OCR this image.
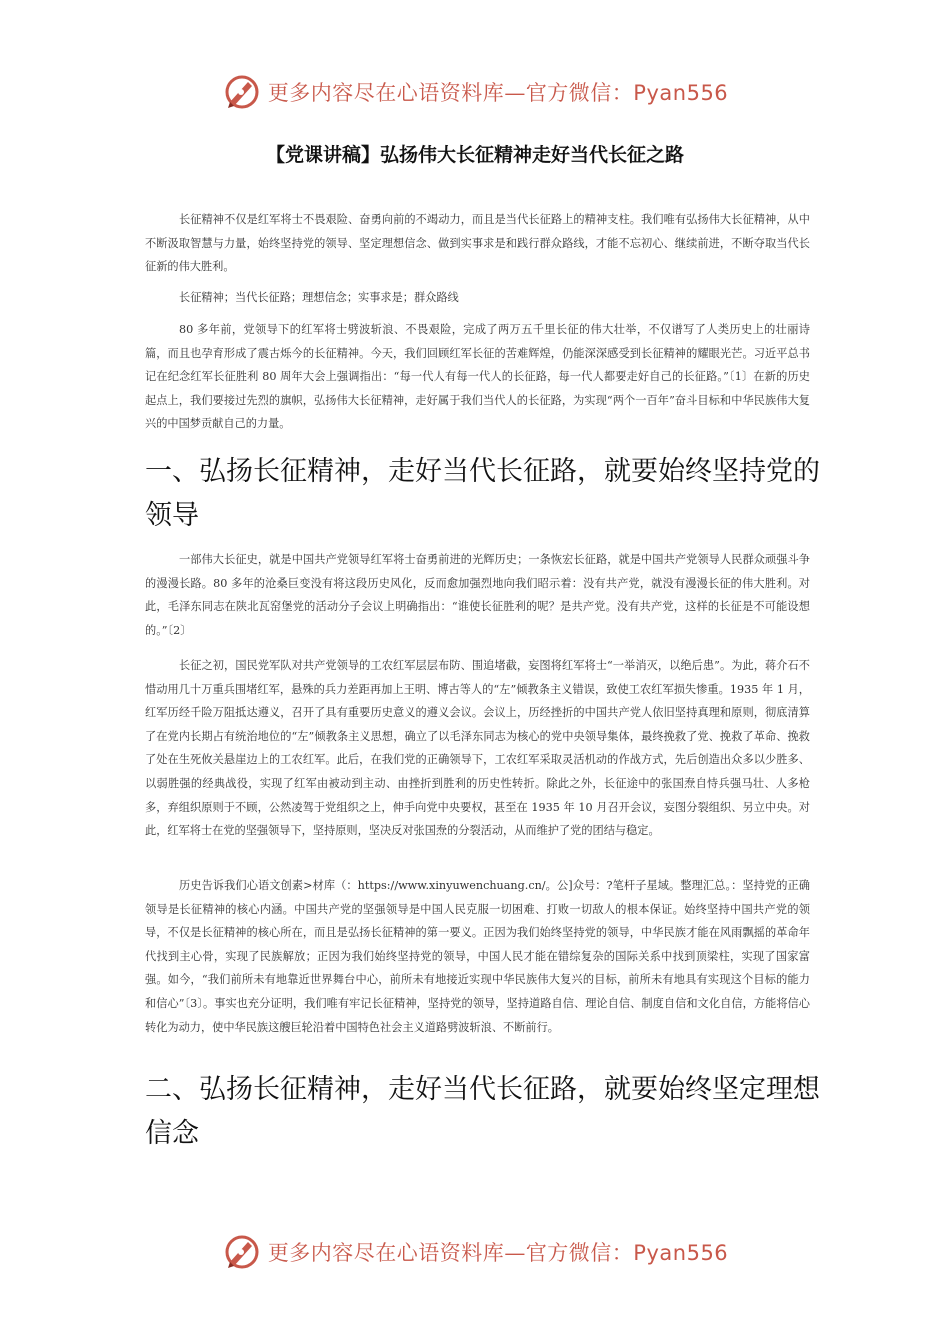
更多内容尽在心语资料库—官方微信：Pyan556
【党课讲稿】弘扬伟大长征精神走好当代长征之路

长征精神不仅是红军将士不畏艰险、奋勇向前的不竭动力，而且是当代长征路上的精神支柱。我们唯有弘扬伟大长征精神，从中不断汲取智慧与力量，始终坚持党的领导、坚定理想信念、做到实事求是和践行群众路线，才能不忘初心、继续前进，不断夺取当代长征新的伟大胜利。

长征精神；当代长征路；理想信念；实事求是；群众路线

80 多年前，党领导下的红军将士劈波斩浪、不畏艰险，完成了两万五千里长征的伟大壮举，不仅谱写了人类历史上的壮丽诗篇，而且也孕育形成了震古烁今的长征精神。今天，我们回顾红军长征的苦难辉煌，仍能深深感受到长征精神的耀眼光芒。习近平总书记在纪念红军长征胜利 80 周年大会上强调指出：“每一代人有每一代人的长征路，每一代人都要走好自己的长征路。”〔1〕在新的历史起点上，我们要接过先烈的旗帜，弘扬伟大长征精神，走好属于我们当代人的长征路，为实现“两个一百年”奋斗目标和中华民族伟大复兴的中国梦贡献自己的力量。

一、弘扬长征精神，走好当代长征路，就要始终坚持党的领导

一部伟大长征史，就是中国共产党领导红军将士奋勇前进的光辉历史；一条恢宏长征路，就是中国共产党领导人民群众顽强斗争的漫漫长路。80 多年的沧桑巨变没有将这段历史风化，反而愈加强烈地向我们昭示着：没有共产党，就没有漫漫长征的伟大胜利。对此，毛泽东同志在陕北瓦窑堡党的活动分子会议上明确指出：“谁使长征胜利的呢？是共产党。没有共产党，这样的长征是不可能设想的。”〔2〕

长征之初，国民党军队对共产党领导的工农红军层层布防、围追堵截，妄图将红军将士“一举消灭，以绝后患”。为此，蒋介石不惜动用几十万重兵围堵红军，悬殊的兵力差距再加上王明、博古等人的“左”倾教条主义错误，致使工农红军损失惨重。1935 年 1 月，红军历经千险万阻抵达遵义，召开了具有重要历史意义的遵义会议。会议上，历经挫折的中国共产党人依旧坚持真理和原则，彻底清算了在党内长期占有统治地位的“左”倾教条主义思想，确立了以毛泽东同志为核心的党中央领导集体，最终挽救了党、挽救了革命、挽救了处在生死攸关悬崖边上的工农红军。此后，在我们党的正确领导下，工农红军采取灵活机动的作战方式，先后创造出众多以少胜多、以弱胜强的经典战役，实现了红军由被动到主动、由挫折到胜利的历史性转折。除此之外，长征途中的张国焘自恃兵强马壮、人多枪多，弃组织原则于不顾，公然凌驾于党组织之上，伸手向党中央要权，甚至在 1935 年 10 月召开会议，妄图分裂组织、另立中央。对此，红军将士在党的坚强领导下，坚持原则，坚决反对张国焘的分裂活动，从而维护了党的团结与稳定。

历史告诉我们心语文创素>材库（：https://www.xinyuwenchuang.cn/。公]众号：?笔杆子星域。整理汇总。：坚持党的正确领导是长征精神的核心内涵。中国共产党的坚强领导是中国人民克服一切困难、打败一切敌人的根本保证。始终坚持中国共产党的领导，不仅是长征精神的核心所在，而且是弘扬长征精神的第一要义。正因为我们始终坚持党的领导，中华民族才能在风雨飘摇的革命年代找到主心骨，实现了民族解放；正因为我们始终坚持党的领导，中国人民才能在错综复杂的国际关系中找到顶梁柱，实现了国家富强。如今，“我们前所未有地靠近世界舞台中心，前所未有地接近实现中华民族伟大复兴的目标，前所未有地具有实现这个目标的能力和信心”〔3〕。事实也充分证明，我们唯有牢记长征精神，坚持党的领导，坚持道路自信、理论自信、制度自信和文化自信，方能将信心转化为动力，使中华民族这艘巨轮沿着中国特色社会主义道路劈波斩浪、不断前行。

二、弘扬长征精神，走好当代长征路，就要始终坚定理想信念
更多内容尽在心语资料库—官方微信：Pyan556
